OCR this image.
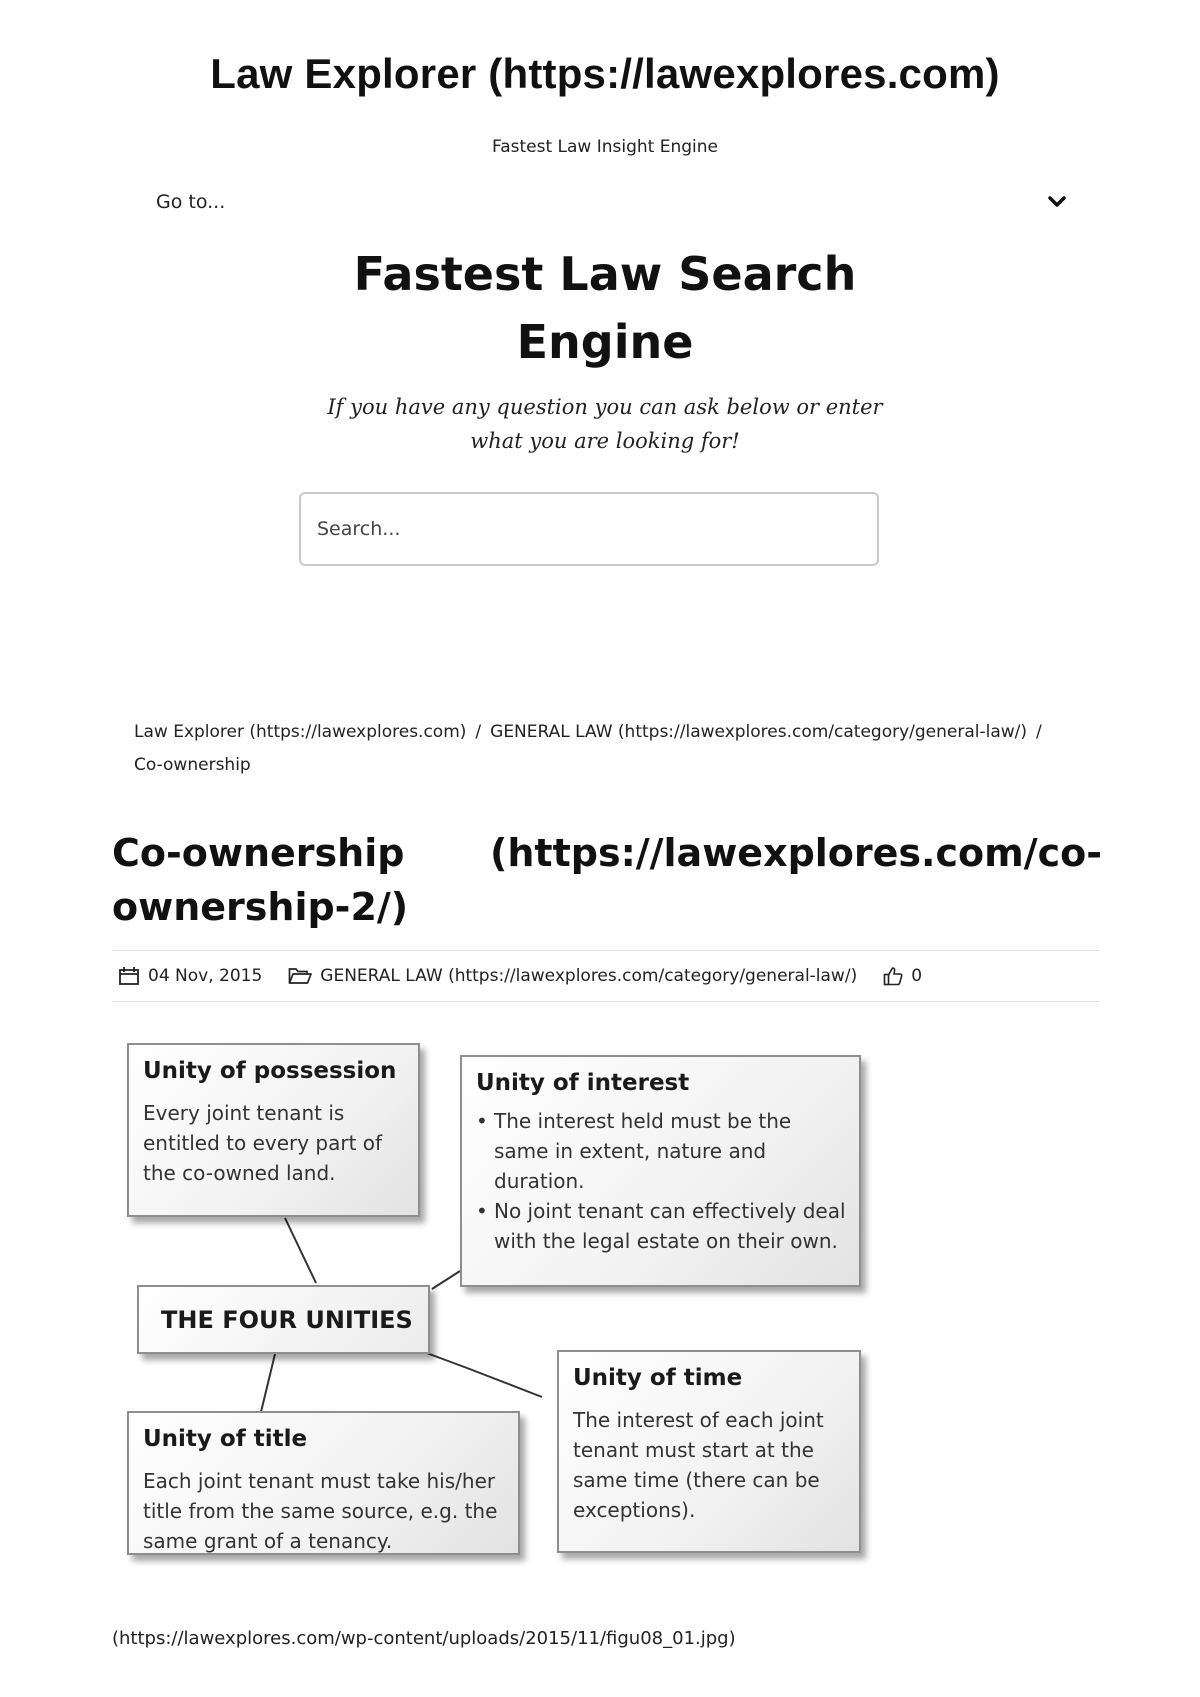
Law Explorer (https://lawexplores.com)
Fastest Law Insight Engine
Go to...
Fastest Law Search
Engine
If you have any question you can ask below or enter
what you are looking for!
Search...
Law Explorer (https://lawexplores.com) / GENERAL LAW (https://lawexplores.com/category/general-law/) /
Co-ownership
Co-ownership (https://lawexplores.com/co-
ownership-2/)
04 Nov, 2015	GENERAL LAW (https://lawexplores.com/category/general-law/)	0
Unity of possession
Every joint tenant is entitled to every part of the co-owned land.
Unity of interest
• The interest held must be the same in extent, nature and duration.
• No joint tenant can effectively deal with the legal estate on their own.
THE FOUR UNITIES
Unity of title
Each joint tenant must take his/her title from the same source, e.g. the same grant of a tenancy.
Unity of time
The interest of each joint tenant must start at the same time (there can be exceptions).
(https://lawexplores.com/wp-content/uploads/2015/11/figu08_01.jpg)
